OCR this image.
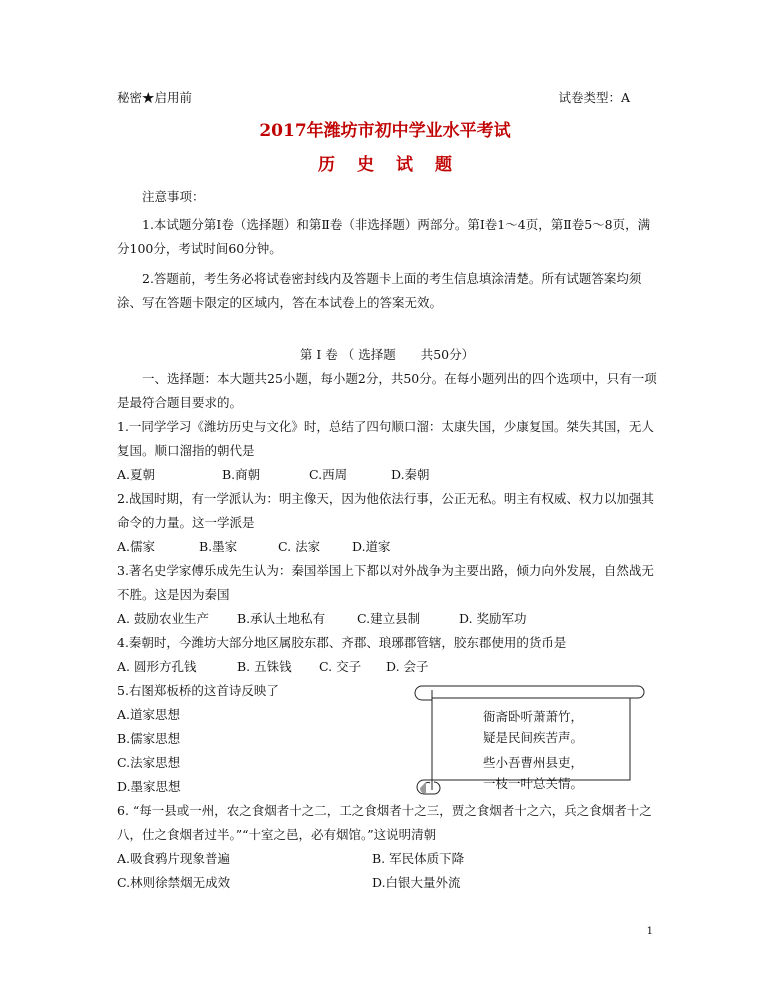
秘密★启用前	试卷类型：A
2017年潍坊市初中学业水平考试
历史试题

注意事项：

1.本试题分第Ⅰ卷（选择题）和第Ⅱ卷（非选择题）两部分。第Ⅰ卷1～4页，第Ⅱ卷5～8页，满分100分，考试时间60分钟。

2.答题前，考生务必将试卷密封线内及答题卡上面的考生信息填涂清楚。所有试题答案均须涂、写在答题卡限定的区域内，答在本试卷上的答案无效。

第 Ⅰ 卷 （ 选择题　　共50分）

一、选择题：本大题共25小题，每小题2分，共50分。在每小题列出的四个选项中，只有一项是最符合题目要求的。

1.一同学学习《潍坊历史与文化》时，总结了四句顺口溜：太康失国，少康复国。桀失其国，无人复国。顺口溜指的朝代是

A.夏朝	B.商朝	C.西周	D.秦朝

2.战国时期，有一学派认为：明主像天，因为他依法行事，公正无私。明主有权威、权力以加强其命令的力量。这一学派是

A.儒家	B.墨家	C. 法家	D.道家

3.著名史学家傅乐成先生认为：秦国举国上下都以对外战争为主要出路，倾力向外发展，自然战无不胜。这是因为秦国

A. 鼓励农业生产	B.承认土地私有	C.建立县制	D. 奖励军功

4.秦朝时，今潍坊大部分地区属胶东郡、齐郡、琅琊郡管辖，胶东郡使用的货币是

A. 圆形方孔钱	B. 五铢钱	C. 交子 D. 会子

5.右图郑板桥的这首诗反映了

A.道家思想

B.儒家思想

C.法家思想

D.墨家思想

6. “每一县或一州，农之食烟者十之二，工之食烟者十之三，贾之食烟者十之六，兵之食烟者十之八，仕之食烟者过半。”“十室之邑，必有烟馆。”这说明清朝

A.吸食鸦片现象普遍	B. 军民体质下降

C.林则徐禁烟无成效	D.白银大量外流

衙斋卧听萧萧竹，
疑是民间疾苦声。
些小吾曹州县吏，
一枝一叶总关情。
1
